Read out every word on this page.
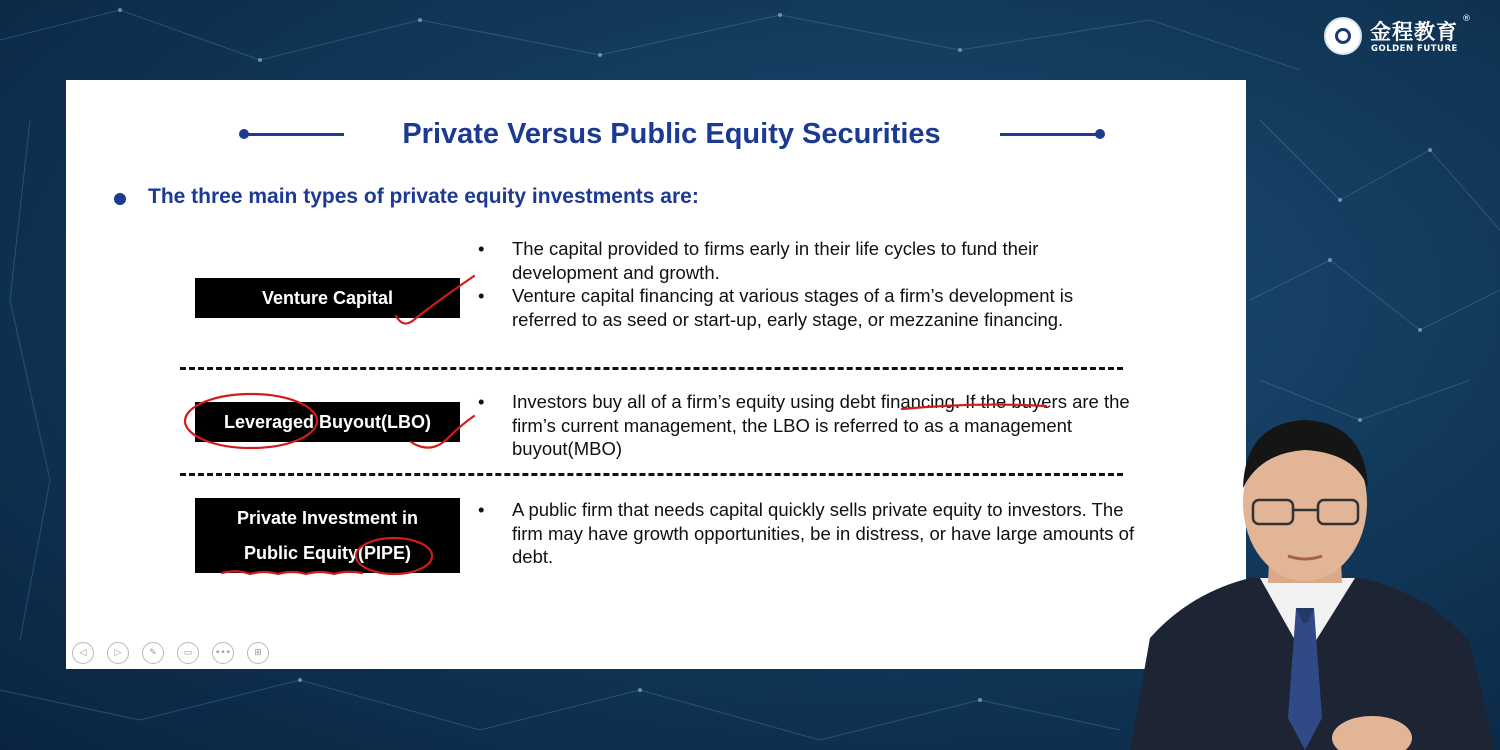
金程教育
®
GOLDEN FUTURE
Private Versus Public Equity Securities
The three main types of private equity investments are:
Venture Capital
• The capital provided to firms early in their life cycles to fund their development and growth.
• Venture capital financing at various stages of a firm’s development is referred to as seed or start-up, early stage, or mezzanine financing.
Leveraged Buyout(LBO)
• Investors buy all of a firm’s equity using debt financing. If the buyers are the firm’s current management, the LBO is referred to as a management buyout(MBO)
Private Investment in
Public Equity(PIPE)
• A public firm that needs capital quickly sells private equity to investors. The firm may have growth opportunities, be in distress, or have large amounts of debt.
◁	▷	✎	▭	•••	⊞
